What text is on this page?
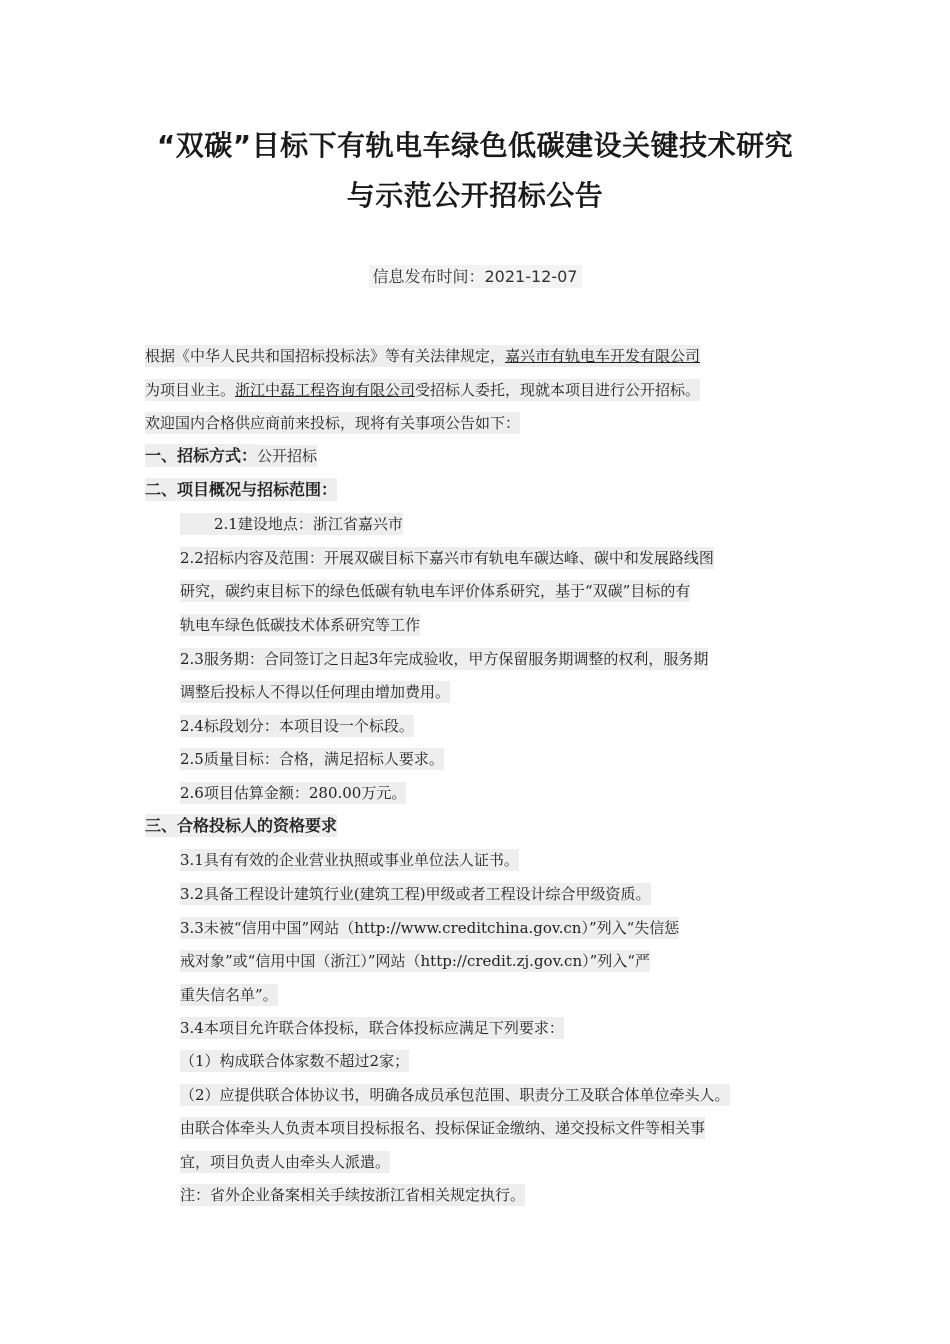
“双碳”目标下有轨电车绿色低碳建设关键技术研究
与示范公开招标公告
信息发布时间：2021-12-07
根据《中华人民共和国招标投标法》等有关法律规定，嘉兴市有轨电车开发有限公司
为项目业主。浙江中磊工程咨询有限公司受招标人委托，现就本项目进行公开招标。
欢迎国内合格供应商前来投标，现将有关事项公告如下：
一、招标方式：公开招标
二、项目概况与招标范围：
2.1建设地点：浙江省嘉兴市
2.2招标内容及范围：开展双碳目标下嘉兴市有轨电车碳达峰、碳中和发展路线图
研究，碳约束目标下的绿色低碳有轨电车评价体系研究，基于“双碳”目标的有
轨电车绿色低碳技术体系研究等工作
2.3服务期：合同签订之日起3年完成验收，甲方保留服务期调整的权利，服务期
调整后投标人不得以任何理由增加费用。
2.4标段划分：本项目设一个标段。
2.5质量目标：合格，满足招标人要求。
2.6项目估算金额：280.00万元。
三、合格投标人的资格要求
3.1具有有效的企业营业执照或事业单位法人证书。
3.2具备工程设计建筑行业(建筑工程)甲级或者工程设计综合甲级资质。
3.3未被“信用中国”网站（http://www.creditchina.gov.cn）”列入“失信惩
戒对象”或“信用中国（浙江）”网站（http://credit.zj.gov.cn）”列入“严
重失信名单”。
3.4本项目允许联合体投标，联合体投标应满足下列要求：
（1）构成联合体家数不超过2家；
（2）应提供联合体协议书，明确各成员承包范围、职责分工及联合体单位牵头人。
由联合体牵头人负责本项目投标报名、投标保证金缴纳、递交投标文件等相关事
宜，项目负责人由牵头人派遣。
注：省外企业备案相关手续按浙江省相关规定执行。
